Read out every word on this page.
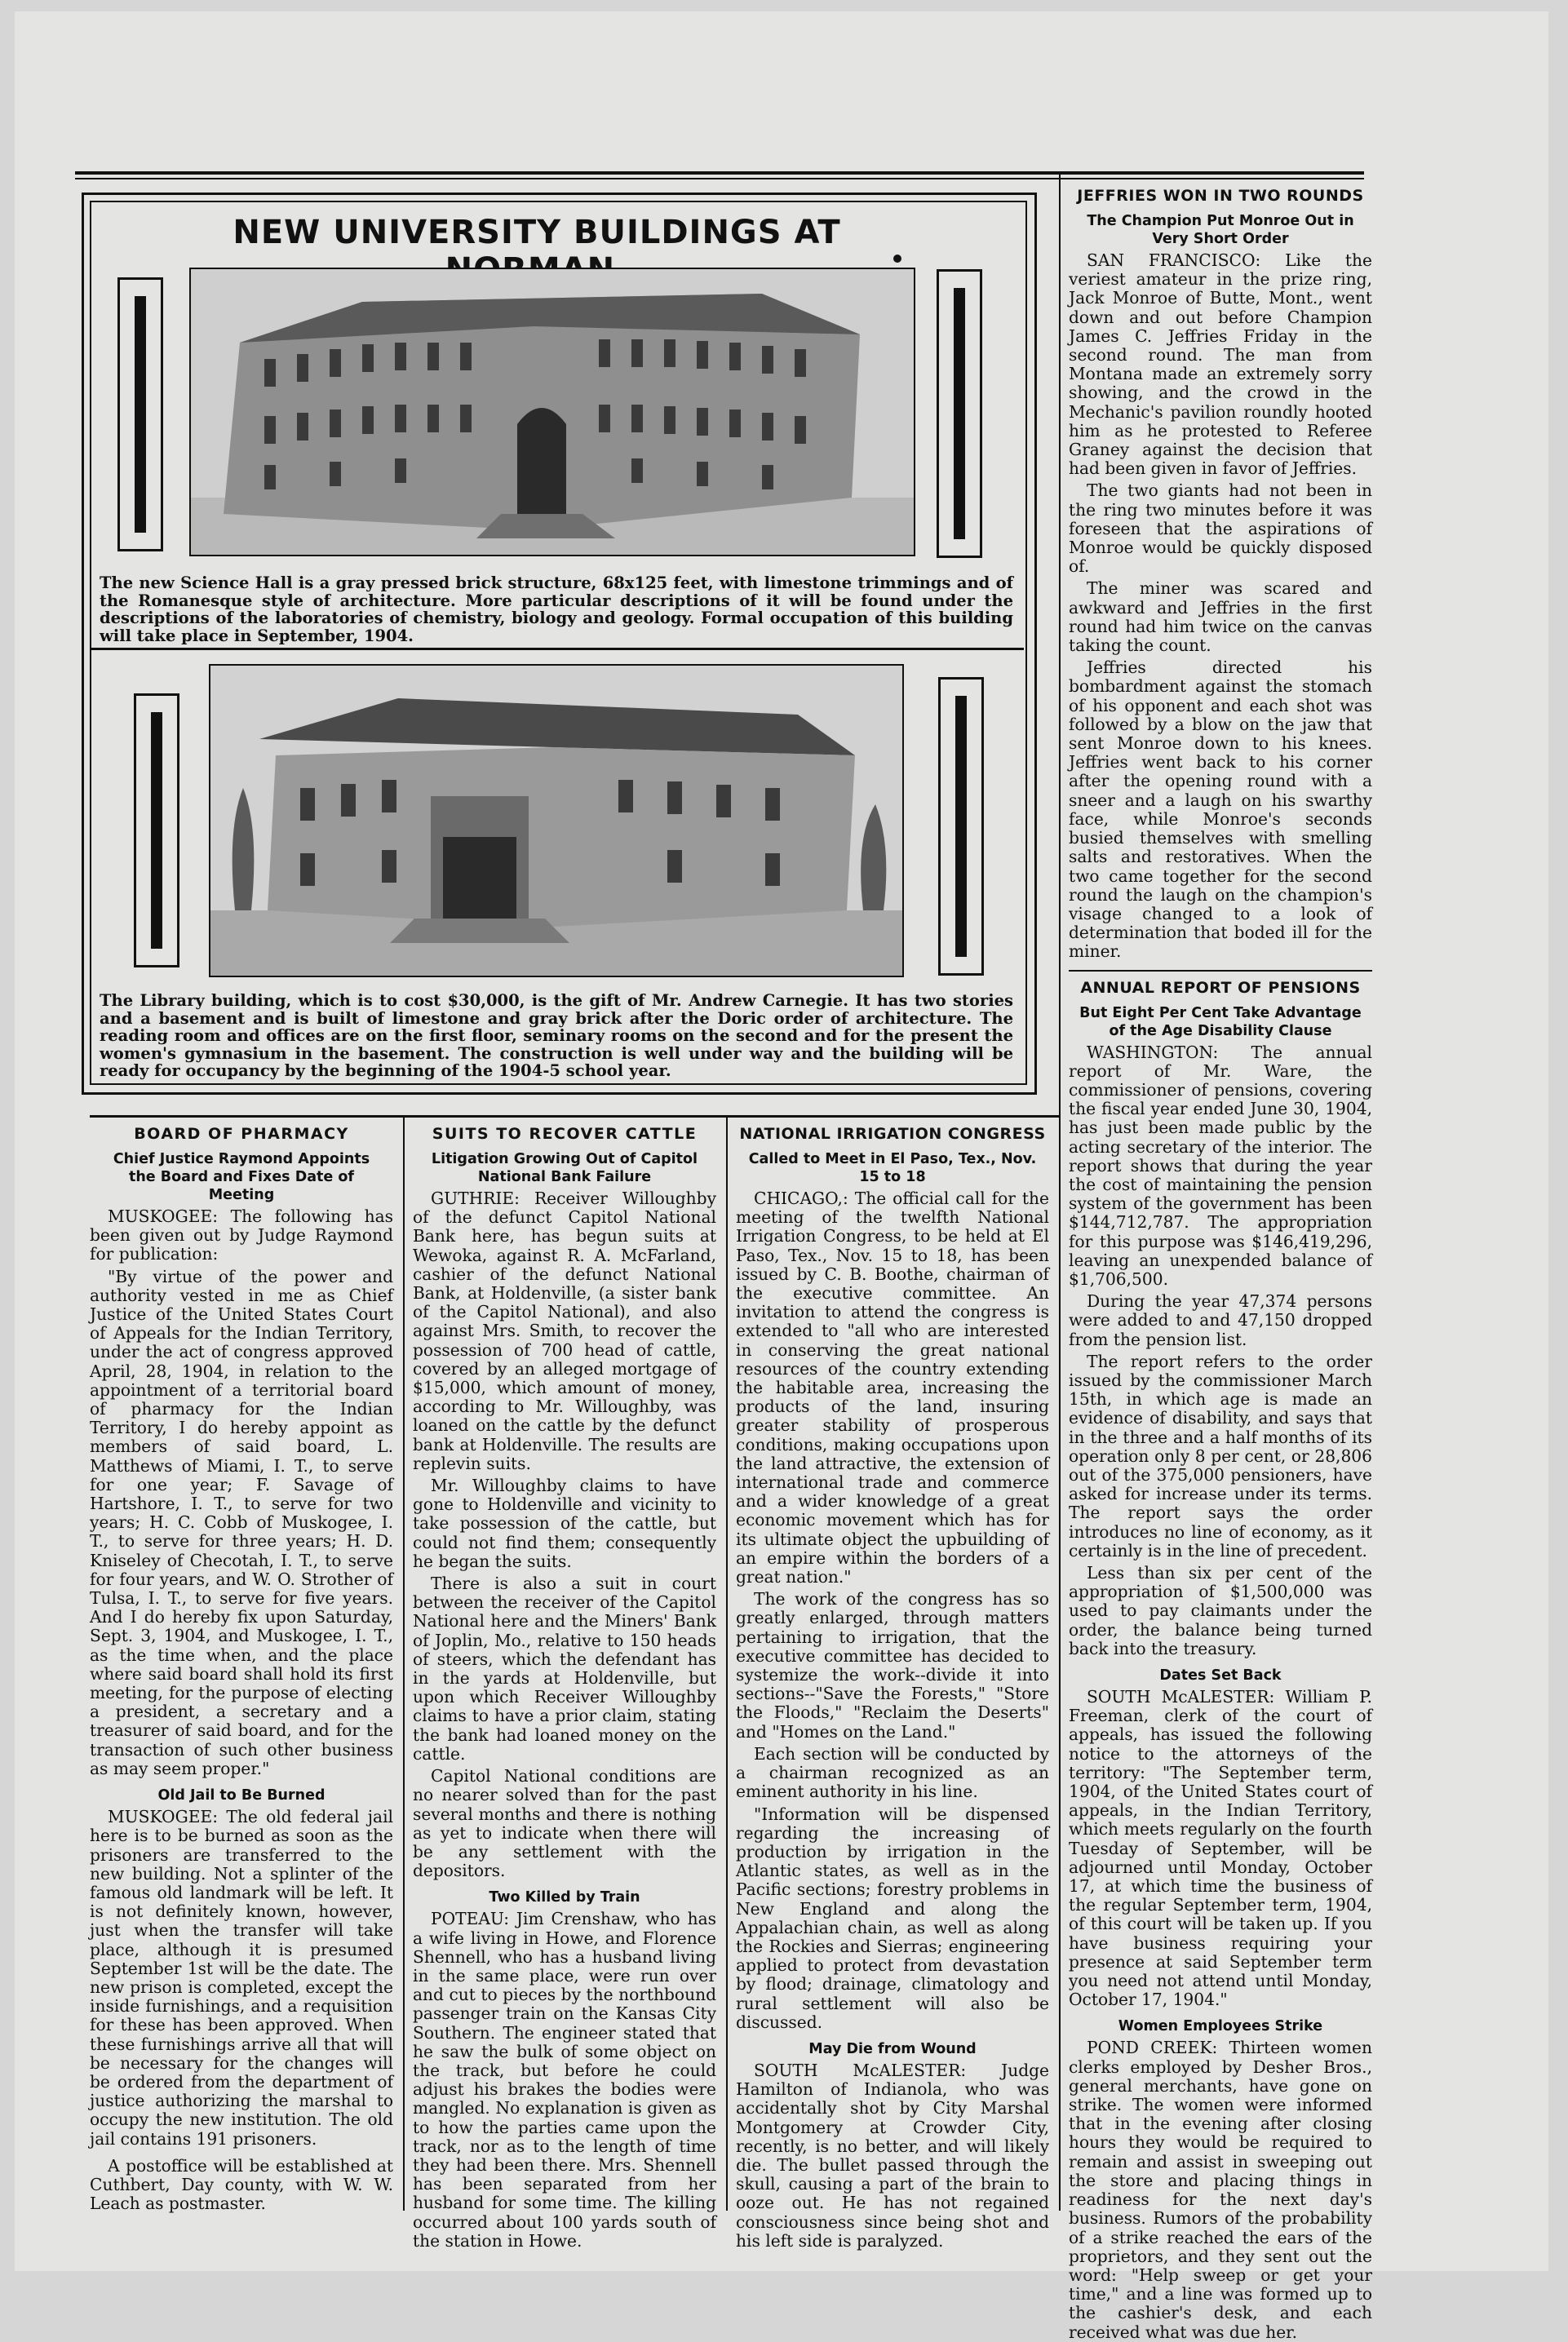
NEW UNIVERSITY BUILDINGS AT
The new Science Hall is a gray pressed brick structure, 68x125 feet, with limestone trimmings and of the Romanesque style of architecture. More particular descriptions of it will be found under the descriptions of the laboratories of chemistry, biology and geology. Formal occupation of this building will take place in September, 1904.
The Library building, which is to cost $30,000, is the gift of Mr. Andrew Carnegie. It has two stories and a basement and is built of limestone and gray brick after the Doric order of architecture. The reading room and offices are on the first floor, seminary rooms on the second and for the present the women's gymnasium in the basement. The construction is well under way and the building will be ready for occupancy by the beginning of the 1904-5 school year.
BOARD OF PHARMACY
Chief Justice Raymond Appoints the Board and Fixes Date of Meeting

MUSKOGEE: The following has been given out by Judge Raymond for publication:

"By virtue of the power and authority vested in me as Chief Justice of the United States Court of Appeals for the Indian Territory, under the act of congress approved April, 28, 1904, in relation to the appointment of a territorial board of pharmacy for the Indian Territory, I do hereby appoint as members of said board, L. Matthews of Miami, I. T., to serve for one year; F. Savage of Hartshore, I. T., to serve for two years; H. C. Cobb of Muskogee, I. T., to serve for three years; H. D. Kniseley of Checotah, I. T., to serve for four years, and W. O. Strother of Tulsa, I. T., to serve for five years. And I do hereby fix upon Saturday, Sept. 3, 1904, and Muskogee, I. T., as the time when, and the place where said board shall hold its first meeting, for the purpose of electing a president, a secretary and a treasurer of said board, and for the transaction of such other business as may seem proper."

Old Jail to Be Burned

MUSKOGEE: The old federal jail here is to be burned as soon as the prisoners are transferred to the new building. Not a splinter of the famous old landmark will be left. It is not definitely known, however, just when the transfer will take place, although it is presumed September 1st will be the date. The new prison is completed, except the inside furnishings, and a requisition for these has been approved. When these furnishings arrive all that will be necessary for the changes will be ordered from the department of justice authorizing the marshal to occupy the new institution. The old jail contains 191 prisoners.

A postoffice will be established at Cuthbert, Day county, with W. W. Leach as postmaster.

SUITS TO RECOVER CATTLE
Litigation Growing Out of Capitol National Bank Failure

GUTHRIE: Receiver Willoughby of the defunct Capitol National Bank here, has begun suits at Wewoka, against R. A. McFarland, cashier of the defunct National Bank, at Holdenville, (a sister bank of the Capitol National), and also against Mrs. Smith, to recover the possession of 700 head of cattle, covered by an alleged mortgage of $15,000, which amount of money, according to Mr. Willoughby, was loaned on the cattle by the defunct bank at Holdenville. The results are replevin suits.

Mr. Willoughby claims to have gone to Holdenville and vicinity to take possession of the cattle, but could not find them; consequently he began the suits.

There is also a suit in court between the receiver of the Capitol National here and the Miners' Bank of Joplin, Mo., relative to 150 heads of steers, which the defendant has in the yards at Holdenville, but upon which Receiver Willoughby claims to have a prior claim, stating the bank had loaned money on the cattle.

Capitol National conditions are no nearer solved than for the past several months and there is nothing as yet to indicate when there will be any settlement with the depositors.

Two Killed by Train

POTEAU: Jim Crenshaw, who has a wife living in Howe, and Florence Shennell, who has a husband living in the same place, were run over and cut to pieces by the northbound passenger train on the Kansas City Southern. The engineer stated that he saw the bulk of some object on the track, but before he could adjust his brakes the bodies were mangled. No explanation is given as to how the parties came upon the track, nor as to the length of time they had been there. Mrs. Shennell has been separated from her husband for some time. The killing occurred about 100 yards south of the station in Howe.

NATIONAL IRRIGATION CONGRESS
Called to Meet in El Paso, Tex., Nov. 15 to 18

CHICAGO,: The official call for the meeting of the twelfth National Irrigation Congress, to be held at El Paso, Tex., Nov. 15 to 18, has been issued by C. B. Boothe, chairman of the executive committee. An invitation to attend the congress is extended to "all who are interested in conserving the great national resources of the country extending the habitable area, increasing the products of the land, insuring greater stability of prosperous conditions, making occupations upon the land attractive, the extension of international trade and commerce and a wider knowledge of a great economic movement which has for its ultimate object the upbuilding of an empire within the borders of a great nation."

The work of the congress has so greatly enlarged, through matters pertaining to irrigation, that the executive committee has decided to systemize the work--divide it into sections--"Save the Forests," "Store the Floods," "Reclaim the Deserts" and "Homes on the Land."

Each section will be conducted by a chairman recognized as an eminent authority in his line.

"Information will be dispensed regarding the increasing of production by irrigation in the Atlantic states, as well as in the Pacific sections; forestry problems in New England and along the Appalachian chain, as well as along the Rockies and Sierras; engineering applied to protect from devastation by flood; drainage, climatology and rural settlement will also be discussed.

May Die from Wound

SOUTH McALESTER: Judge Hamilton of Indianola, who was accidentally shot by City Marshal Montgomery at Crowder City, recently, is no better, and will likely die. The bullet passed through the skull, causing a part of the brain to ooze out. He has not regained consciousness since being shot and his left side is paralyzed.

JEFFRIES WON IN TWO ROUNDS
The Champion Put Monroe Out in Very Short Order

SAN FRANCISCO: Like the veriest amateur in the prize ring, Jack Monroe of Butte, Mont., went down and out before Champion James C. Jeffries Friday in the second round. The man from Montana made an extremely sorry showing, and the crowd in the Mechanic's pavilion roundly hooted him as he protested to Referee Graney against the decision that had been given in favor of Jeffries.

The two giants had not been in the ring two minutes before it was foreseen that the aspirations of Monroe would be quickly disposed of.

The miner was scared and awkward and Jeffries in the first round had him twice on the canvas taking the count.

Jeffries directed his bombardment against the stomach of his opponent and each shot was followed by a blow on the jaw that sent Monroe down to his knees. Jeffries went back to his corner after the opening round with a sneer and a laugh on his swarthy face, while Monroe's seconds busied themselves with smelling salts and restoratives. When the two came together for the second round the laugh on the champion's visage changed to a look of determination that boded ill for the miner.

ANNUAL REPORT OF PENSIONS
But Eight Per Cent Take Advantage of the Age Disability Clause

WASHINGTON: The annual report of Mr. Ware, the commissioner of pensions, covering the fiscal year ended June 30, 1904, has just been made public by the acting secretary of the interior. The report shows that during the year the cost of maintaining the pension system of the government has been $144,712,787. The appropriation for this purpose was $146,419,296, leaving an unexpended balance of $1,706,500.

During the year 47,374 persons were added to and 47,150 dropped from the pension list.

The report refers to the order issued by the commissioner March 15th, in which age is made an evidence of disability, and says that in the three and a half months of its operation only 8 per cent, or 28,806 out of the 375,000 pensioners, have asked for increase under its terms. The report says the order introduces no line of economy, as it certainly is in the line of precedent.

Less than six per cent of the appropriation of $1,500,000 was used to pay claimants under the order, the balance being turned back into the treasury.

Dates Set Back

SOUTH McALESTER: William P. Freeman, clerk of the court of appeals, has issued the following notice to the attorneys of the territory: "The September term, 1904, of the United States court of appeals, in the Indian Territory, which meets regularly on the fourth Tuesday of September, will be adjourned until Monday, October 17, at which time the business of the regular September term, 1904, of this court will be taken up. If you have business requiring your presence at said September term you need not attend until Monday, October 17, 1904."

Women Employees Strike

POND CREEK: Thirteen women clerks employed by Desher Bros., general merchants, have gone on strike. The women were informed that in the evening after closing hours they would be required to remain and assist in sweeping out the store and placing things in readiness for the next day's business. Rumors of the probability of a strike reached the ears of the proprietors, and they sent out the word: "Help sweep or get your time," and a line was formed up to the cashier's desk, and each received what was due her.
